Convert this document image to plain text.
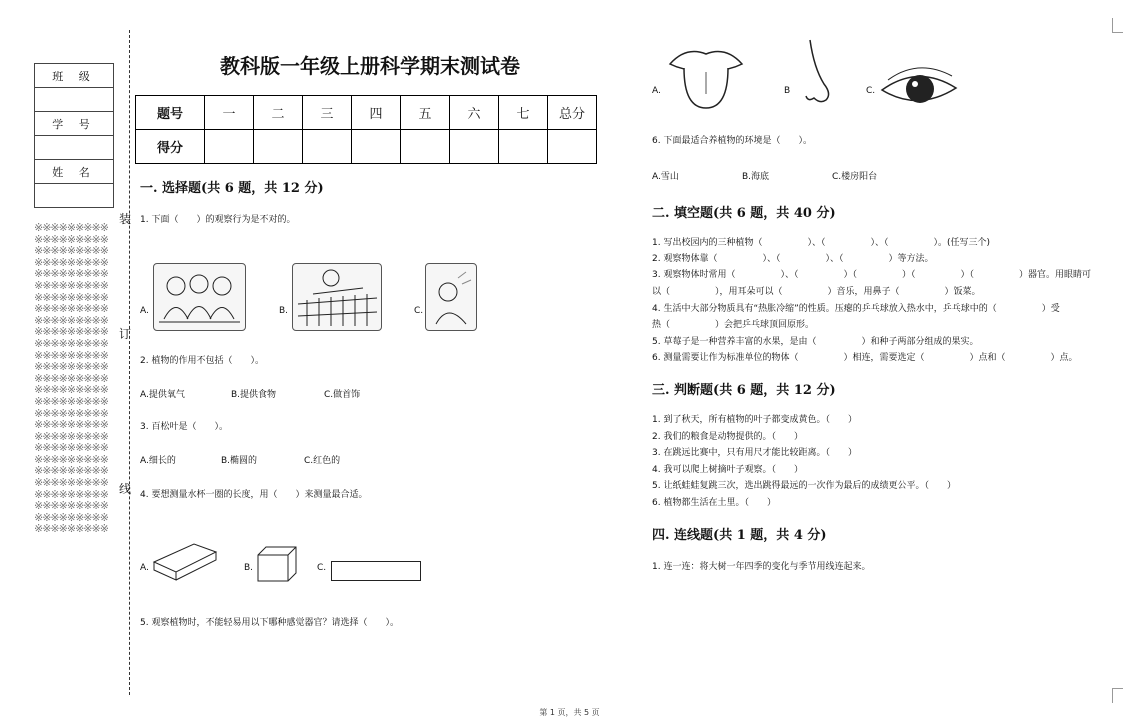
班 级

学 号

姓 名

※※※※※※※※※※※※※※※※※※※※※※※※※※※※※※※※※※※※※※※※※※※※※※※※※※※※※※※※※※※※※※※※※※※※※※※※※※※※※※※※※※※※※※※※※※※※※※※※※※※※※※※※※※※※※※※※※※※※※※※※※※※※※※※※※※※※※※※※※※※※※※※※※※※※※※※※※※※※※※※※※※※※※※※※※※※※※※※※※※※※※※※※※※※※※※※※※※※※※※※※※※※※※※※※※※※※※※※※※※※※※※※※※※※※※※※※※※※※※※※※※※※
装
订
线
教科版一年级上册科学期末测试卷
题号	一	二	三	四	五	六	七	总分
得分								
一. 选择题(共 6 题，共 12 分)
1. 下面（　　）的观察行为是不对的。
A.	B.	C.
2. 植物的作用不包括（　　）。
A.提供氧气	B.提供食物	C.做首饰
3. 百松叶是（　　）。
A.细长的	B.椭圆的	C.红色的
4. 要想测量水杯一圈的长度，用（　　）来测量最合适。
A.	B.	C.
5. 观察植物时，不能轻易用以下哪种感觉器官？请选择（　　）。
A.	B	C.
6. 下面最适合养植物的环境是（　　）。
A.雪山	B.海底	C.楼房阳台
二. 填空题(共 6 题，共 40 分)
1. 写出校园内的三种植物（　　　　　）、（　　　　　）、（　　　　　）。(任写三个)
2. 观察物体靠（　　　　　）、（　　　　　）、（　　　　　）等方法。
3. 观察物体时常用（　　　　　）、（　　　　　）（　　　　　）（　　　　　）（　　　　　）器官。用眼睛可
以（　　　　　），用耳朵可以（　　　　　）音乐，用鼻子（　　　　　）饭菜。
4. 生活中大部分物质具有“热胀冷缩”的性质。压瘪的乒乓球放入热水中，乒乓球中的（　　　　　）受
热（　　　　　）会把乒乓球顶回原形。
5. 草莓子是一种营养丰富的水果，是由（　　　　　）和种子两部分组成的果实。
6. 测量需要让作为标准单位的物体（　　　　　）相连，需要选定（　　　　　）点和（　　　　　）点。
三. 判断题(共 6 题，共 12 分)
1. 到了秋天，所有植物的叶子都变成黄色。（　　）
2. 我们的粮食是动物提供的。（　　）
3. 在跳远比赛中，只有用尺才能比较距离。（　　）
4. 我可以爬上树摘叶子观察。（　　）
5. 让纸蛙蛙复跳三次，选出跳得最远的一次作为最后的成绩更公平。（　　）
6. 植物都生活在土里。（　　）
四. 连线题(共 1 题，共 4 分)
1. 连一连：将大树一年四季的变化与季节用线连起来。
第 1 页，共 5 页
